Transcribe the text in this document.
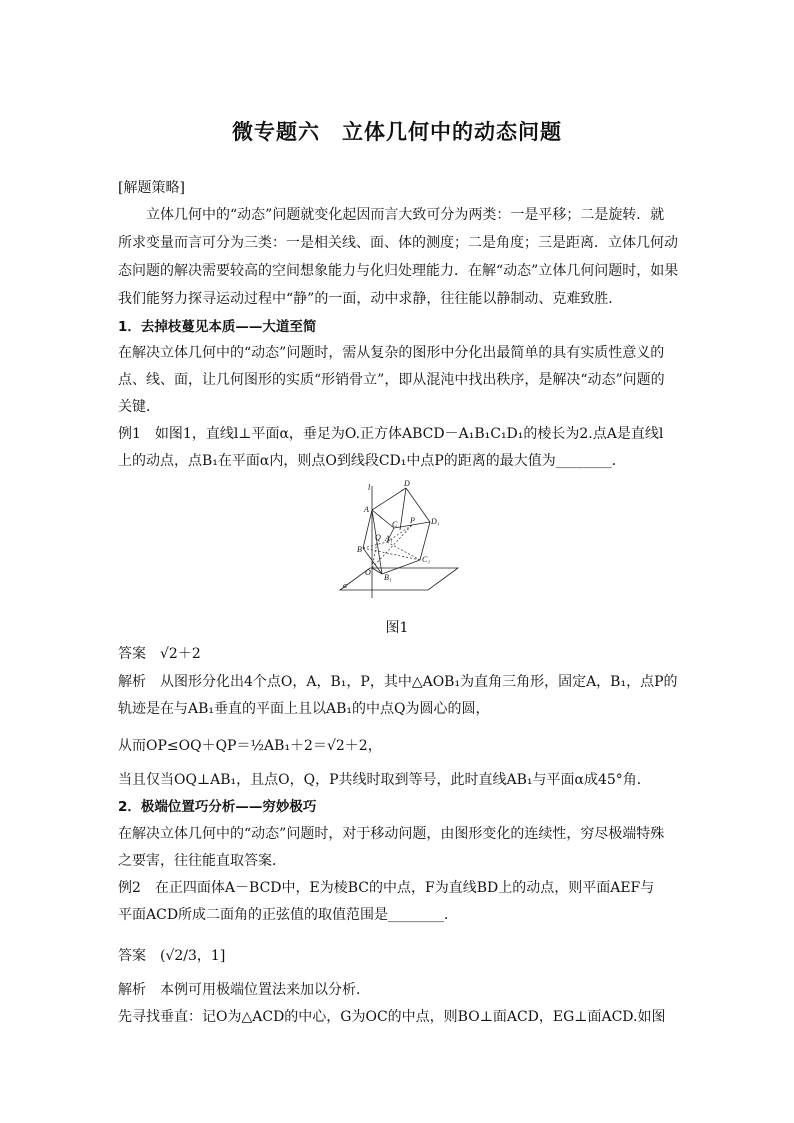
微专题六　立体几何中的动态问题
[解题策略]
立体几何中的“动态”问题就变化起因而言大致可分为两类：一是平移；二是旋转．就
所求变量而言可分为三类：一是相关线、面、体的测度；二是角度；三是距离．立体几何动
态问题的解决需要较高的空间想象能力与化归处理能力．在解“动态”立体几何问题时，如果
我们能努力探寻运动过程中“静”的一面，动中求静，往往能以静制动、克难致胜．
1．去掉枝蔓见本质——大道至简
在解决立体几何中的“动态”问题时，需从复杂的图形中分化出最简单的具有实质性意义的
点、线、面，让几何图形的实质“形销骨立”，即从混沌中找出秩序，是解决“动态”问题的
关键．
例1　如图1，直线l⊥平面α，垂足为O.正方体ABCD－A₁B₁C₁D₁的棱长为2.点A是直线l
上的动点，点B₁在平面α内，则点O到线段CD₁中点P的距离的最大值为________．
l	D
A
C P D₁
Q A₁
B
C₁
O
B₁
α
图1
答案　√2＋2
解析　从图形分化出4个点O，A，B₁，P，其中△AOB₁为直角三角形，固定A，B₁，点P的
轨迹是在与AB₁垂直的平面上且以AB₁的中点Q为圆心的圆，
从而OP≤OQ＋QP＝½AB₁＋2＝√2＋2，
当且仅当OQ⊥AB₁，且点O，Q，P共线时取到等号，此时直线AB₁与平面α成45°角．
2．极端位置巧分析——穷妙极巧
在解决立体几何中的“动态”问题时，对于移动问题，由图形变化的连续性，穷尽极端特殊
之要害，往往能直取答案．
例2　在正四面体A－BCD中，E为棱BC的中点，F为直线BD上的动点，则平面AEF与
平面ACD所成二面角的正弦值的取值范围是________．
答案　(√2/3，1]
解析　本例可用极端位置法来加以分析．
先寻找垂直：记O为△ACD的中心，G为OC的中点，则BO⊥面ACD，EG⊥面ACD.如图
